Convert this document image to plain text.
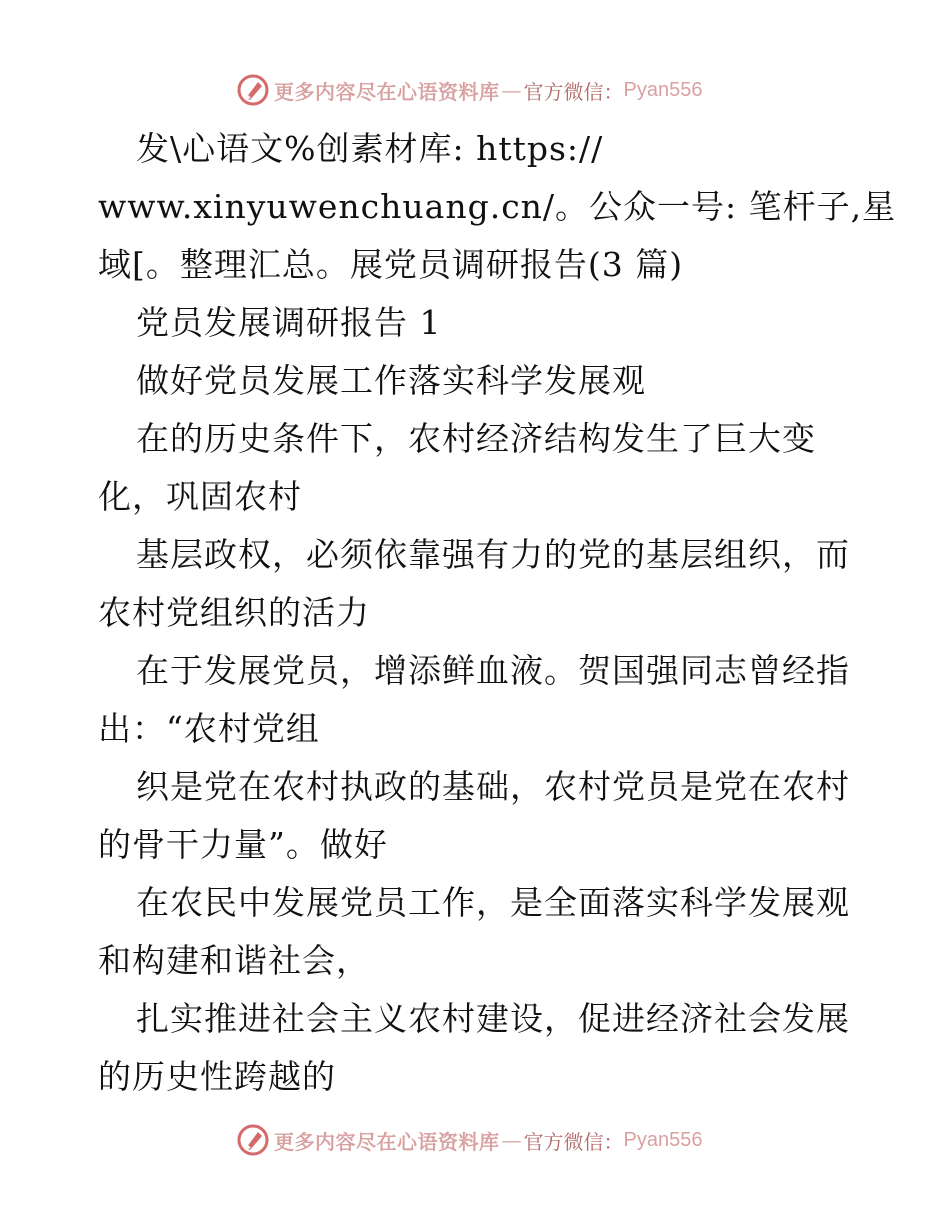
更多内容尽在心语资料库 — 官方微信： Pyan556
发\心语文%创素材库: https://
www.xinyuwenchuang.cn/。公众一号: 笔杆子,星
域[。整理汇总。展党员调研报告(3 篇)
党员发展调研报告 1
做好党员发展工作落实科学发展观
在的历史条件下，农村经济结构发生了巨大变
化，巩固农村
基层政权，必须依靠强有力的党的基层组织，而
农村党组织的活力
在于发展党员，增添鲜血液。贺国强同志曾经指
出：“农村党组
织是党在农村执政的基础，农村党员是党在农村
的骨干力量”。做好
在农民中发展党员工作，是全面落实科学发展观
和构建和谐社会，
扎实推进社会主义农村建设，促进经济社会发展
的历史性跨越的
更多内容尽在心语资料库 — 官方微信： Pyan556
